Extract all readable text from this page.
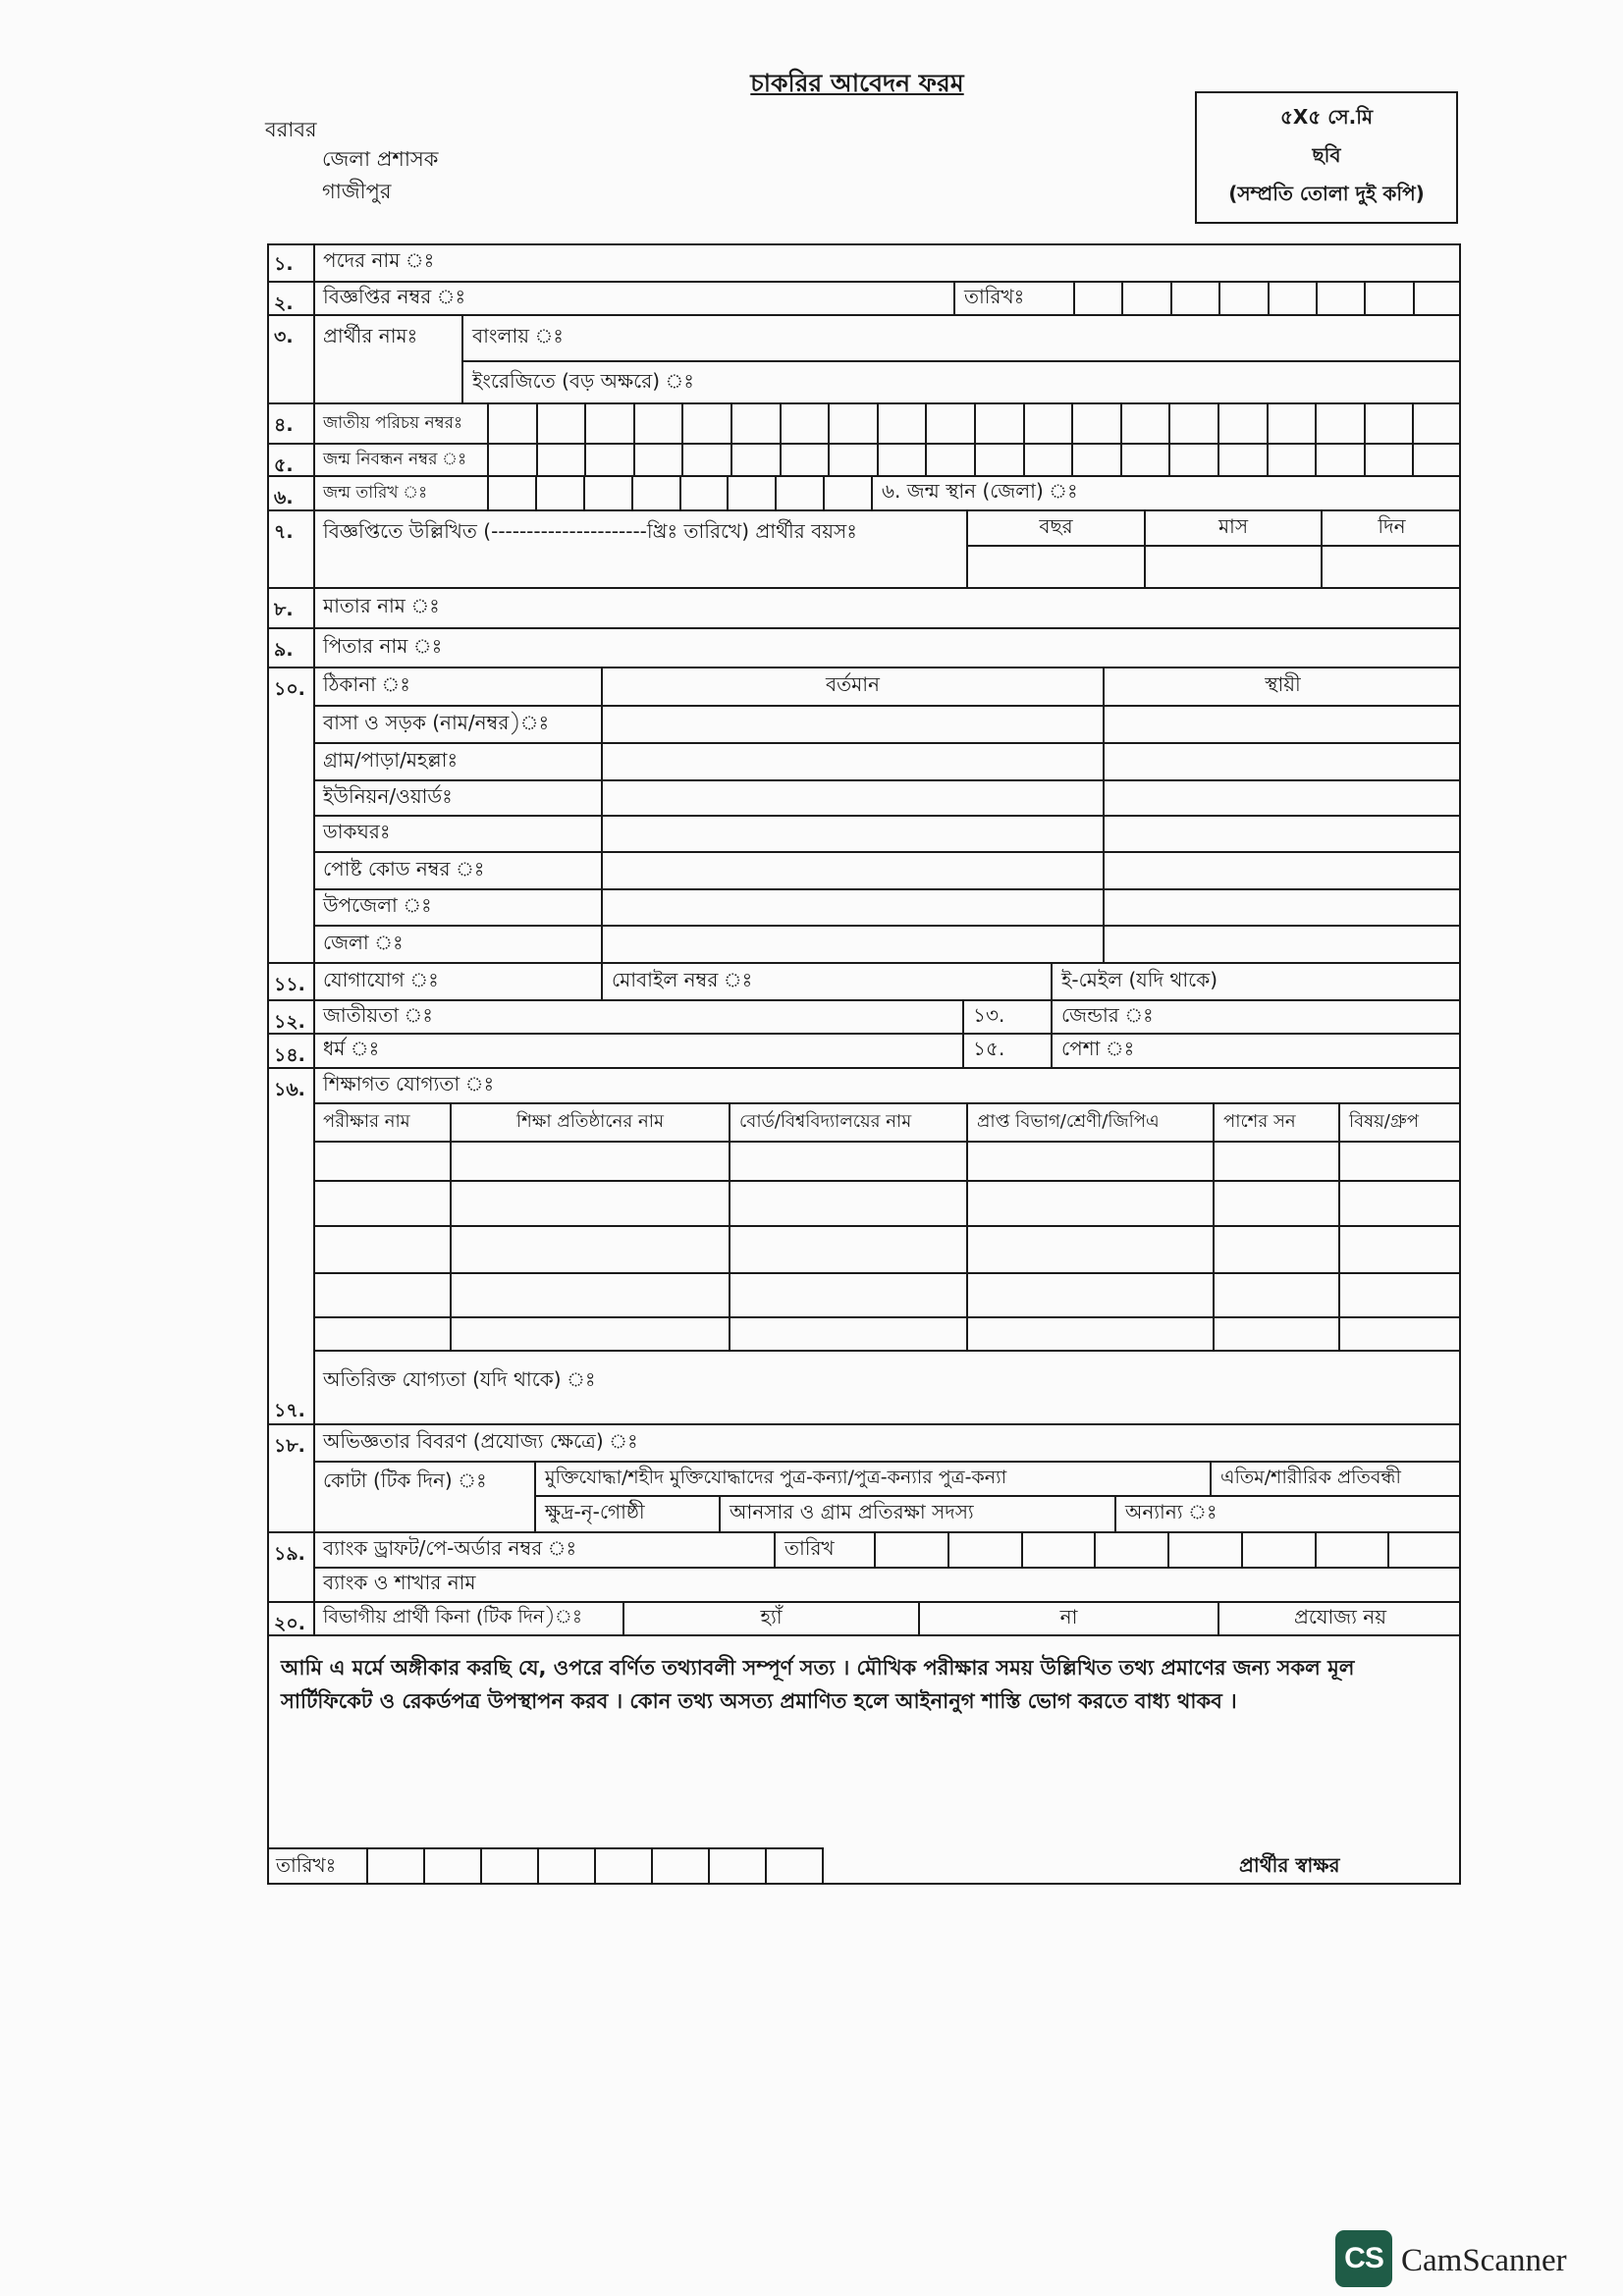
চাকরির আবেদন ফরম
বরাবর
জেলা প্রশাসক
গাজীপুর
৫X৫ সে.মি
ছবি
(সম্প্রতি তোলা দুই কপি)
১.	পদের নাম ঃ
২.	বিজ্ঞপ্তির নম্বর ঃ	তারিখঃ
৩.	প্রার্থীর নামঃ	বাংলায় ঃ
ইংরেজিতে (বড় অক্ষরে) ঃ
৪.	জাতীয় পরিচয় নম্বরঃ
৫.	জন্ম নিবন্ধন নম্বর ঃ
৬.	জন্ম তারিখ ঃ	৬. জন্ম স্থান (জেলা) ঃ
৭.	বিজ্ঞপ্তিতে উল্লিখিত (----------------------খ্রিঃ তারিখে) প্রার্থীর বয়সঃ	বছর	মাস	দিন
৮.	মাতার নাম ঃ
৯.	পিতার নাম ঃ
১০. ঠিকানা ঃ	বর্তমান	স্থায়ী
বাসা ও সড়ক (নাম/নম্বর)ঃ
গ্রাম/পাড়া/মহল্লাঃ
ইউনিয়ন/ওয়ার্ডঃ
ডাকঘরঃ
পোষ্ট কোড নম্বর ঃ
উপজেলা ঃ
জেলা ঃ
১১. যোগাযোগ ঃ	মোবাইল নম্বর ঃ	ই-মেইল (যদি থাকে)
১২. জাতীয়তা ঃ	১৩.	জেন্ডার ঃ
১৪. ধর্ম ঃ	১৫.	পেশা ঃ
১৬. শিক্ষাগত যোগ্যতা ঃ
পরীক্ষার নাম	শিক্ষা প্রতিষ্ঠানের নাম	বোর্ড/বিশ্ববিদ্যালয়ের নাম	প্রাপ্ত বিভাগ/শ্রেণী/জিপিএ	পাশের সন	বিষয়/গ্রুপ
১৭.
অতিরিক্ত যোগ্যতা (যদি থাকে) ঃ
১৮. অভিজ্ঞতার বিবরণ (প্রযোজ্য ক্ষেত্রে) ঃ
কোটা (টিক দিন) ঃ	মুক্তিযোদ্ধা/শহীদ মুক্তিযোদ্ধাদের পুত্র-কন্যা/পুত্র-কন্যার পুত্র-কন্যা	এতিম/শারীরিক প্রতিবন্ধী
ক্ষুদ্র-নৃ-গোষ্ঠী	আনসার ও গ্রাম প্রতিরক্ষা সদস্য	অন্যান্য ঃ
১৯. ব্যাংক ড্রাফট/পে-অর্ডার নম্বর ঃ	তারিখ
ব্যাংক ও শাখার নাম
২০. বিভাগীয় প্রার্থী কিনা (টিক দিন)ঃ	হ্যাঁ	না	প্রযোজ্য নয়

আমি এ মর্মে অঙ্গীকার করছি যে, ওপরে বর্ণিত তথ্যাবলী সম্পূর্ণ সত্য । মৌখিক পরীক্ষার সময় উল্লিখিত তথ্য প্রমাণের জন্য সকল মূল সার্টিফিকেট ও রেকর্ডপত্র উপস্থাপন করব । কোন তথ্য অসত্য প্রমাণিত হলে আইনানুগ শাস্তি ভোগ করতে বাধ্য থাকব ।

তারিখঃ	প্রার্থীর স্বাক্ষর
CS CamScanner
